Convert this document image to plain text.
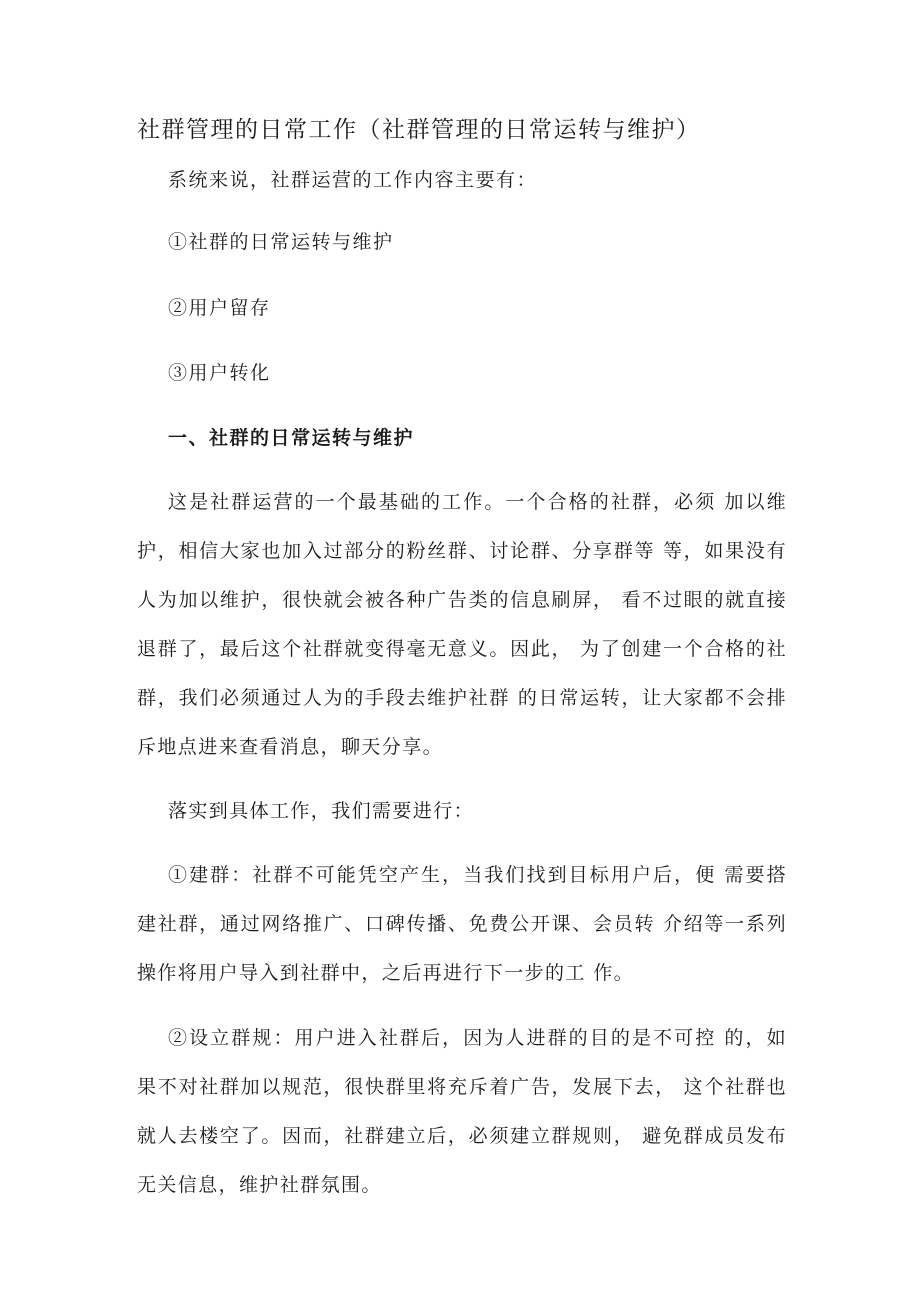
社群管理的日常工作（社群管理的日常运转与维护）

系统来说，社群运营的工作内容主要有：

①社群的日常运转与维护

②用户留存

③用户转化

一、社群的日常运转与维护

这是社群运营的一个最基础的工作。一个合格的社群，必须 加以维护，相信大家也加入过部分的粉丝群、讨论群、分享群等 等，如果没有人为加以维护，很快就会被各种广告类的信息刷屏， 看不过眼的就直接退群了，最后这个社群就变得毫无意义。因此， 为了创建一个合格的社群，我们必须通过人为的手段去维护社群 的日常运转，让大家都不会排斥地点进来查看消息，聊天分享。

落实到具体工作，我们需要进行：

①建群：社群不可能凭空产生，当我们找到目标用户后，便 需要搭建社群，通过网络推广、口碑传播、免费公开课、会员转 介绍等一系列操作将用户导入到社群中，之后再进行下一步的工 作。

②设立群规：用户进入社群后，因为人进群的目的是不可控 的，如果不对社群加以规范，很快群里将充斥着广告，发展下去， 这个社群也就人去楼空了。因而，社群建立后，必须建立群规则， 避免群成员发布无关信息，维护社群氛围。
